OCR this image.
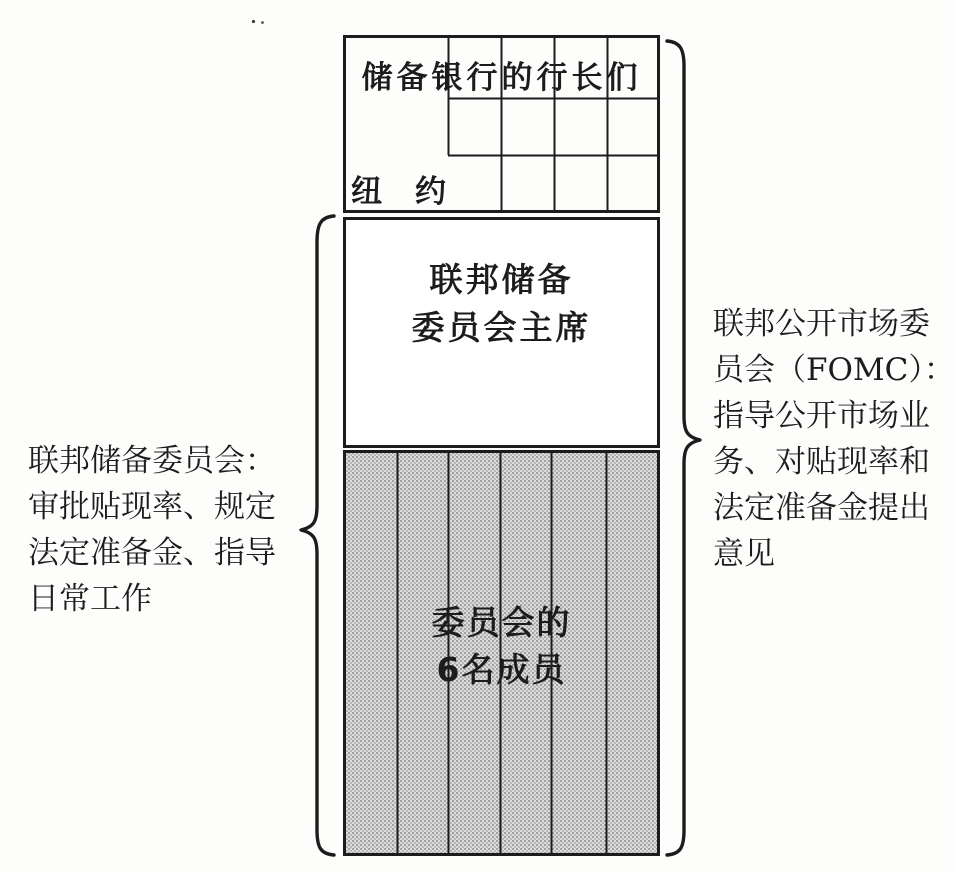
储备银行的行长们
纽　约
联邦储备
委员会主席
委员会的
6名成员
联邦储备委员会：
审批贴现率、规定
法定准备金、指导
日常工作
联邦公开市场委
员会（FOMC）：
指导公开市场业
务、对贴现率和
法定准备金提出
意见
